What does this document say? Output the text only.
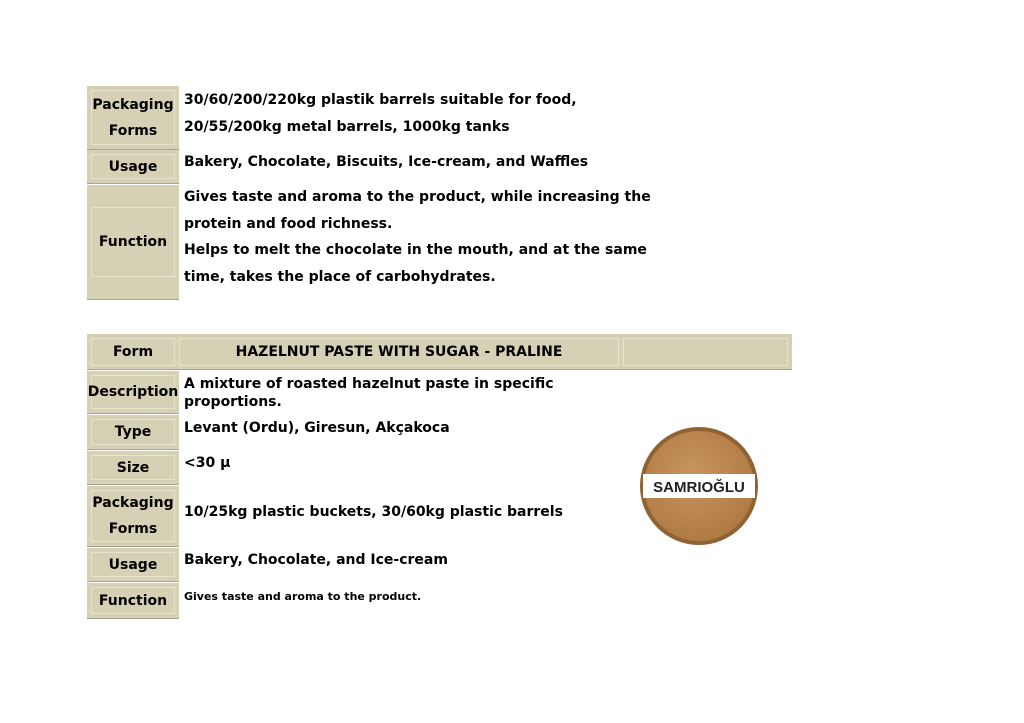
Packaging
Forms
30/60/200/220kg plastik barrels suitable for food,
20/55/200kg metal barrels, 1000kg tanks
Usage Bakery, Chocolate, Biscuits, Ice-cream, and Waffles
Function
Gives taste and aroma to the product, while increasing the
protein and food richness.
Helps to melt the chocolate in the mouth, and at the same
time, takes the place of carbohydrates.
Form	HAZELNUT PASTE WITH SUGAR - PRALINE
Description A mixture of roasted hazelnut paste in specific
proportions.
Type Levant (Ordu), Giresun, Akçakoca
Size <30 µ
Packaging
Forms
10/25kg plastic buckets, 30/60kg plastic barrels
Usage Bakery, Chocolate, and Ice-cream
Function Gives taste and aroma to the product.
SAMRIOĞLU
